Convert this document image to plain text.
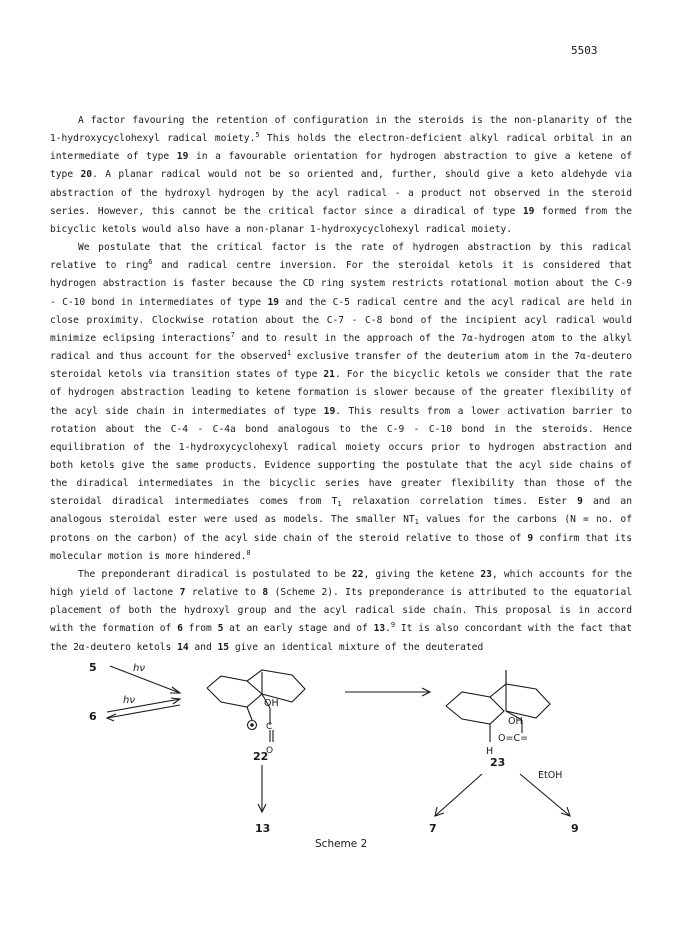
5503

A factor favouring the retention of configuration in the steroids is the non-planarity of the 1-hydroxycyclohexyl radical moiety.$^5$ This holds the electron-deficient alkyl radical orbital in an intermediate of type 19 in a favourable orientation for hydrogen abstraction to give a ketene of type 20. A planar radical would not be so oriented and, further, should give a keto aldehyde via abstraction of the hydroxyl hydrogen by the acyl radical - a product not observed in the steroid series. However, this cannot be the critical factor since a diradical of type 19 formed from the bicyclic ketols would also have a non-planar 1-hydroxycyclohexyl radical moiety.

We postulate that the critical factor is the rate of hydrogen abstraction by this radical relative to ring$^6$ and radical centre inversion. For the steroidal ketols it is considered that hydrogen abstraction is faster because the CD ring system restricts rotational motion about the C-9 - C-10 bond in intermediates of type 19 and the C-5 radical centre and the acyl radical are held in close proximity. Clockwise rotation about the C-7 - C-8 bond of the incipient acyl radical would minimize eclipsing interactions$^7$ and to result in the approach of the 7α-hydrogen atom to the alkyl radical and thus account for the observed$^1$ exclusive transfer of the deuterium atom in the 7α-deutero steroidal ketols via transition states of type 21. For the bicyclic ketols we consider that the rate of hydrogen abstraction leading to ketene formation is slower because of the greater flexibility of the acyl side chain in intermediates of type 19. This results from a lower activation barrier to rotation about the C-4 - C-4a bond analogous to the C-9 - C-10 bond in the steroids. Hence equilibration of the 1-hydroxycyclohexyl radical moiety occurs prior to hydrogen abstraction and both ketols give the same products. Evidence supporting the postulate that the acyl side chains of the diradical intermediates in the bicyclic series have greater flexibility than those of the steroidal diradical intermediates comes from $T_1$ relaxation correlation times. Ester 9 and an analogous steroidal ester were used as models. The smaller $NT_1$ values for the carbons (N = no. of protons on the carbon) of the acyl side chain of the steroid relative to those of 9 confirm that its molecular motion is more hindered.$^8$

The preponderant diradical is postulated to be 22, giving the ketene 23, which accounts for the high yield of lactone 7 relative to 8 (Scheme 2). Its preponderance is attributed to the equatorial placement of both the hydroxyl group and the acyl radical side chain. This proposal is in accord with the formation of 6 from 5 at an early stage and of 13.$^9$ It is also concordant with the fact that the 2α-deutero ketols 14 and 15 give an identical mixture of the deuterated

5
6
hν
hν	OH
C
O
22
OH
O=C=
H
23
EtOH
13	7	9
Scheme 2
